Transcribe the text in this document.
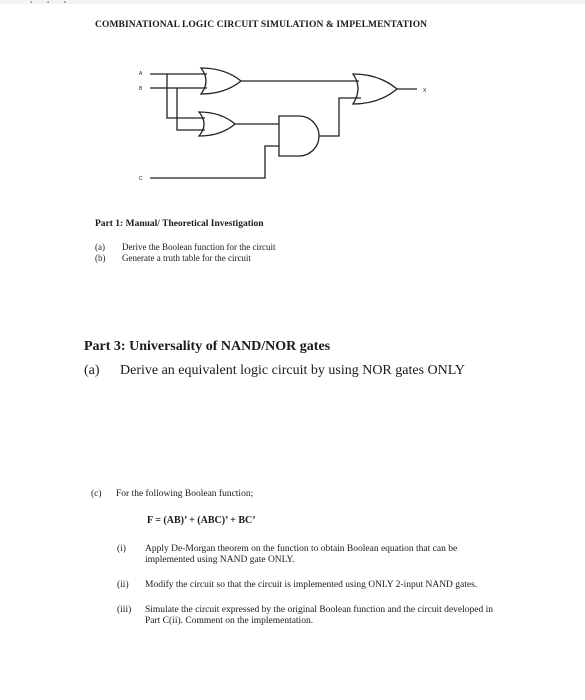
• • •
COMBINATIONAL LOGIC CIRCUIT SIMULATION & IMPELMENTATION
A
B
C
X
Part 1: Manual/ Theoretical Investigation
(a)	Derive the Boolean function for the circuit
(b)	Generate a truth table for the circuit
Part 3: Universality of NAND/NOR gates
(a)	Derive an equivalent logic circuit by using NOR gates ONLY
(c)	For the following Boolean function;
F = (AB)’ + (ABC)’ + BC’
(i)	Apply De-Morgan theorem on the function to obtain Boolean equation that can be implemented using NAND gate ONLY.
(ii)	Modify the circuit so that the circuit is implemented using ONLY 2-input NAND gates.
(iii)	Simulate the circuit expressed by the original Boolean function and the circuit developed in Part C(ii). Comment on the implementation.
